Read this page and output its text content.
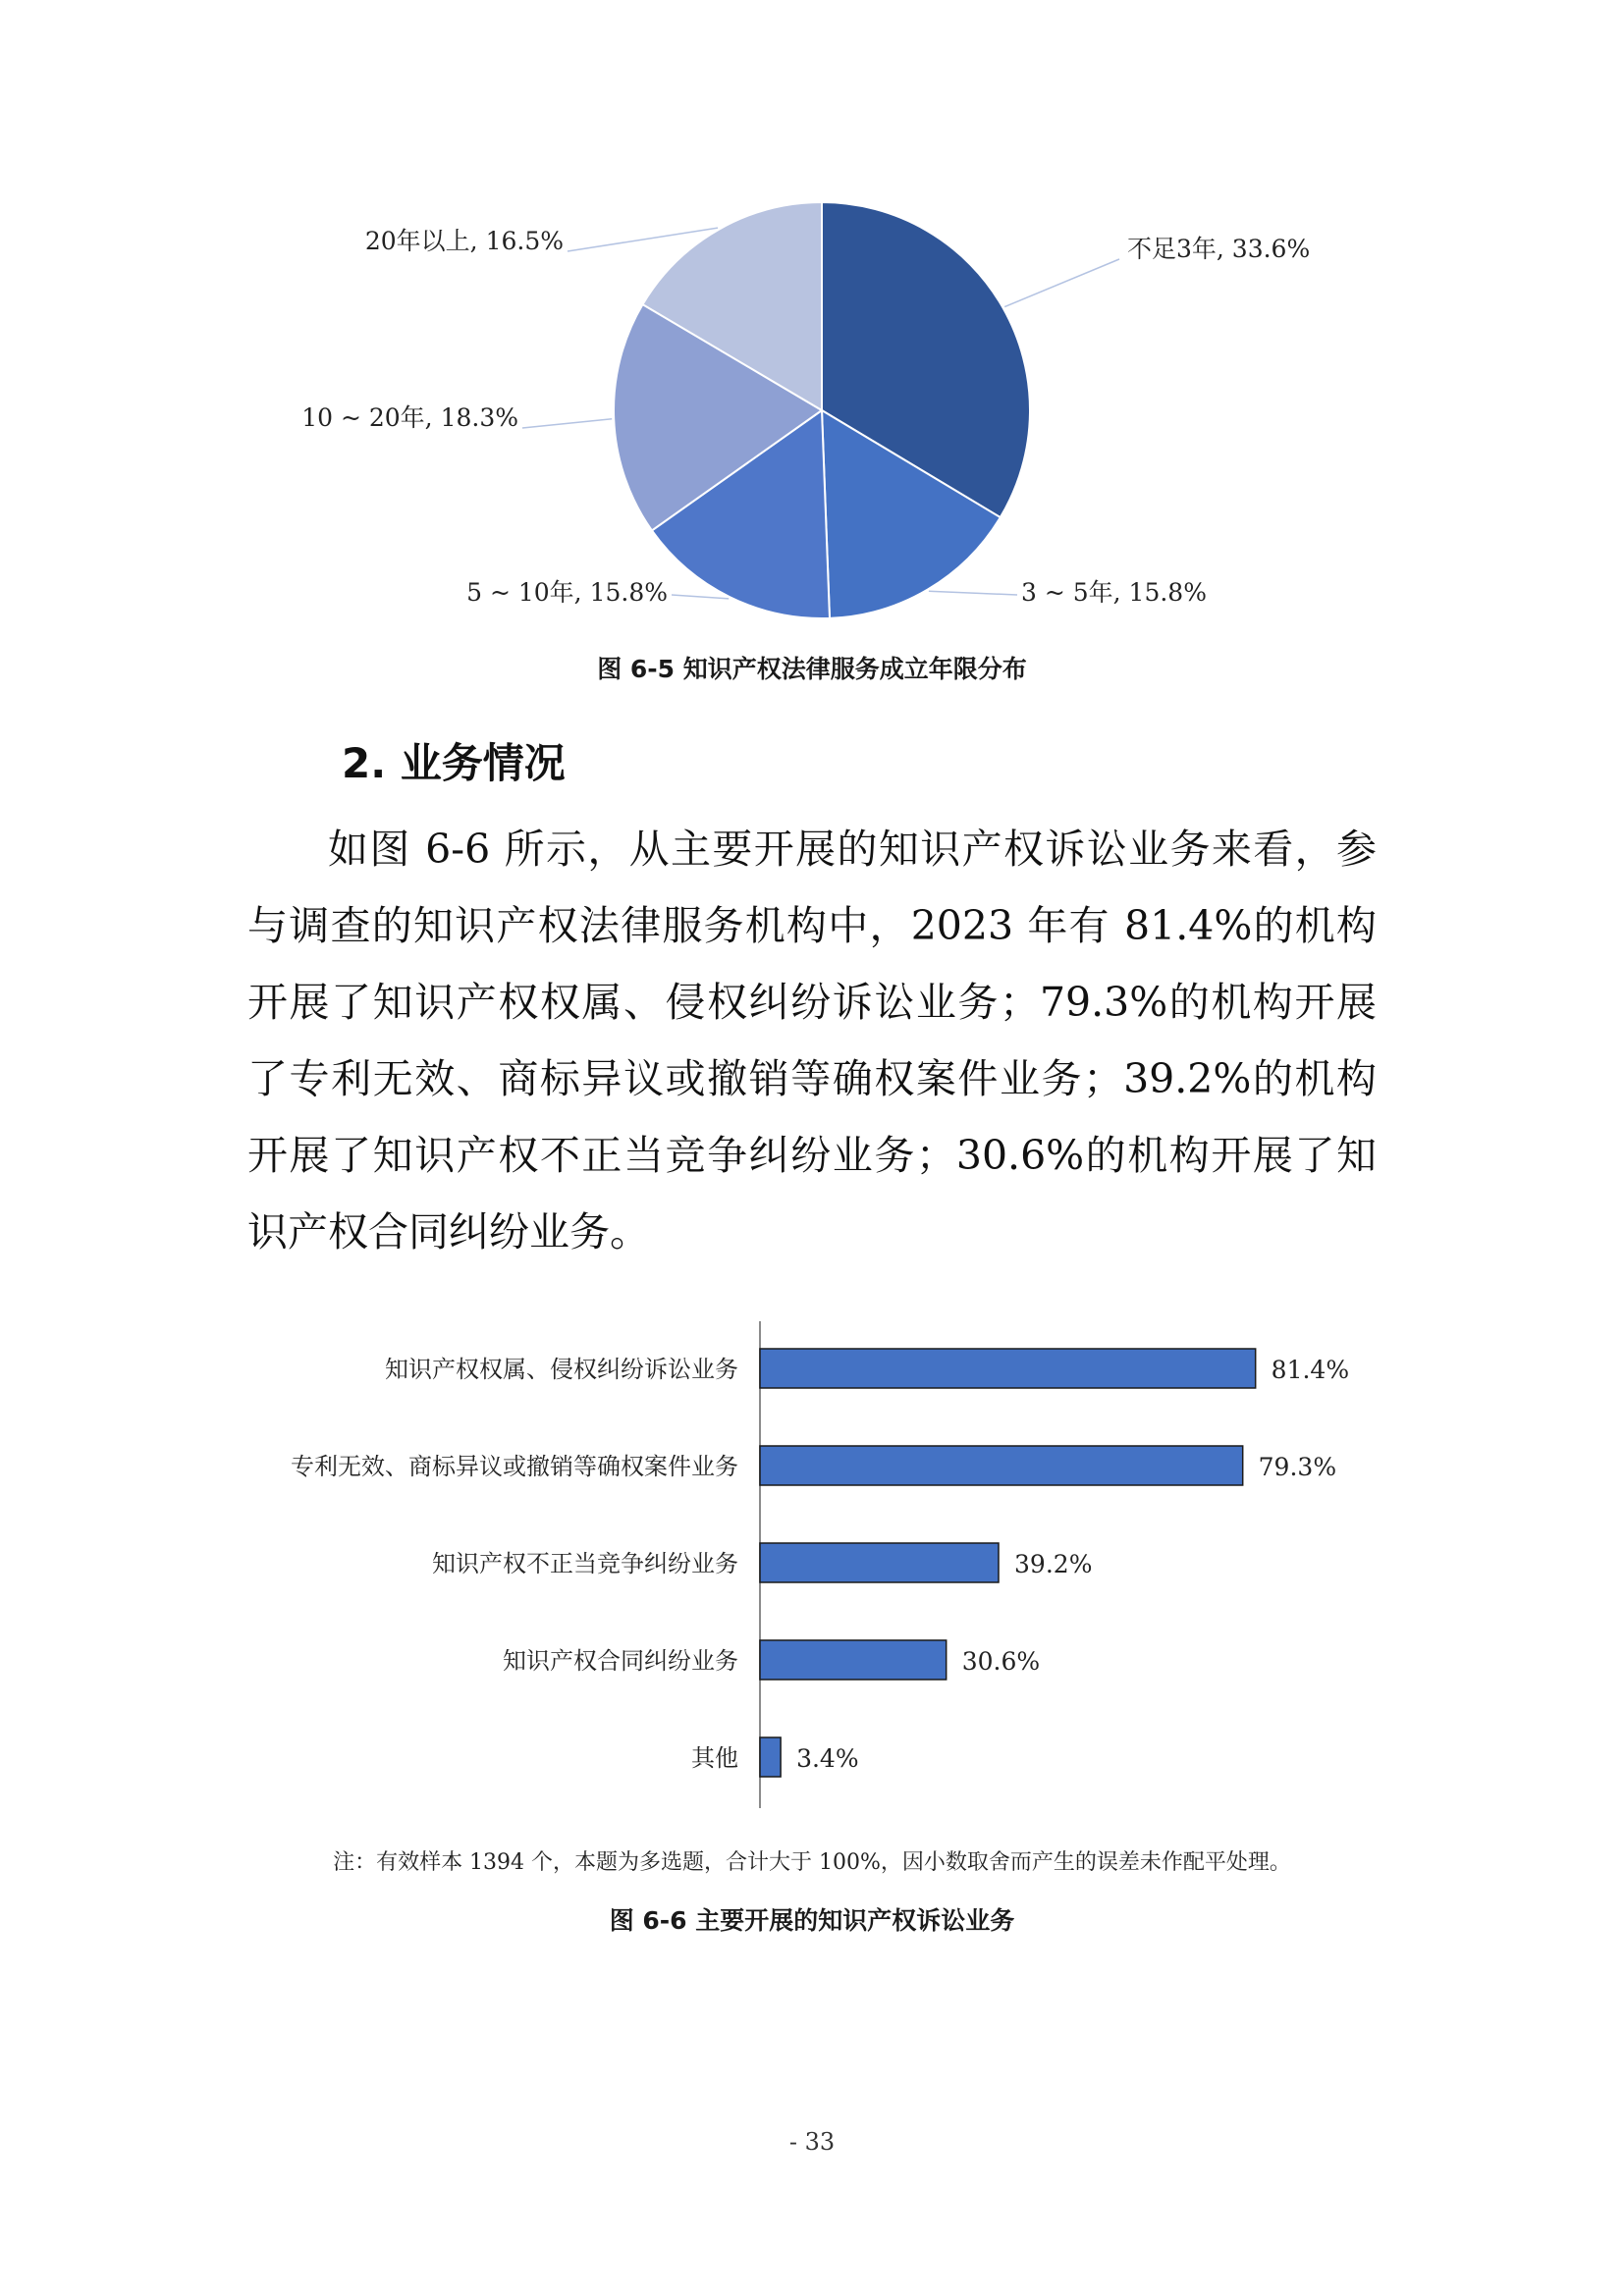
不足3年, 33.6%
3 ~ 5年, 15.8%
5 ~ 10年, 15.8%
10 ~ 20年, 18.3%
20年以上, 16.5%
图 6-5 知识产权法律服务成立年限分布
2. 业务情况
如图 6-6 所示，从主要开展的知识产权诉讼业务来看，参与调查的知识产权法律服务机构中，2023 年有 81.4%的机构开展了知识产权权属、侵权纠纷诉讼业务；79.3%的机构开展了专利无效、商标异议或撤销等确权案件业务；39.2%的机构开展了知识产权不正当竞争纠纷业务；30.6%的机构开展了知识产权合同纠纷业务。
知识产权权属、侵权纠纷诉讼业务	81.4%
专利无效、商标异议或撤销等确权案件业务	79.3%
知识产权不正当竞争纠纷业务	39.2%
知识产权合同纠纷业务	30.6%
其他 3.4%
注：有效样本 1394 个，本题为多选题，合计大于 100%，因小数取舍而产生的误差未作配平处理。
图 6-6 主要开展的知识产权诉讼业务
- 33
